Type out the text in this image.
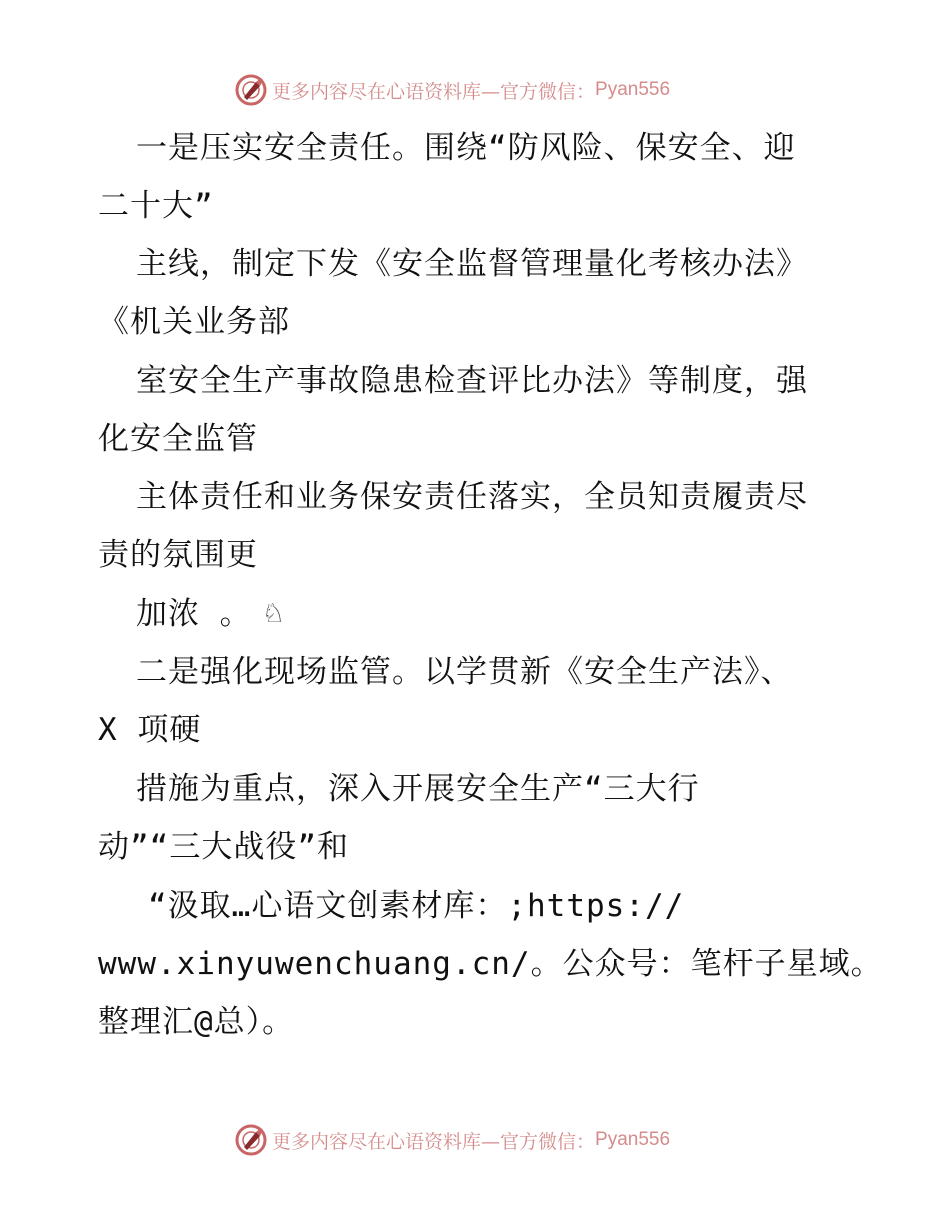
更多内容尽在心语资料库—官方微信： Pyan556
一是压实安全责任。围绕“防风险、保安全、迎
二十大”
主线，制定下发《安全监督管理量化考核办法》
《机关业务部
室安全生产事故隐患检查评比办法》等制度，强
化安全监管
主体责任和业务保安责任落实，全员知责履责尽
责的氛围更
加浓 。 ♘
二是强化现场监管。以学贯新《安全生产法》、
X 项硬
措施为重点，深入开展安全生产“三大行
动”“三大战役”和
“汲取…心语文创素材库：;https://
www.xinyuwenchuang.cn/。公众号：笔杆子星域。
整理汇@总）。
更多内容尽在心语资料库—官方微信： Pyan556
